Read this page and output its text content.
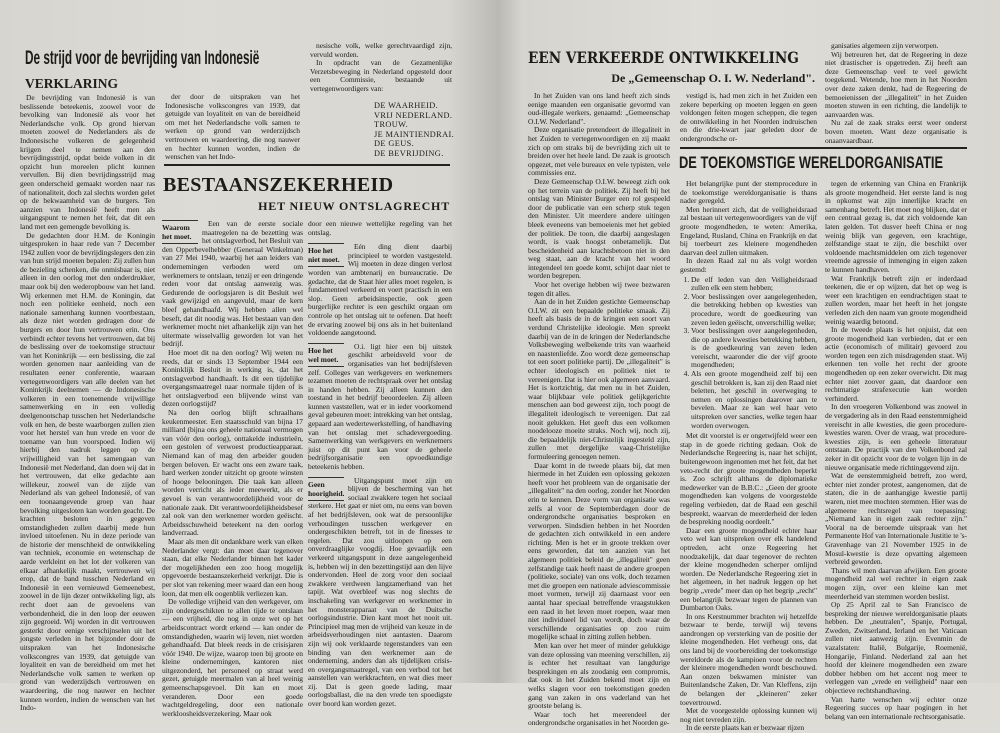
De strijd voor de bevrijding van Indonesië
VERKLARING

De bevrijding van Indonesië is van beslissende beteekenis, zoowel voor de bevolking van Indonesië als voor het Nederlandsche volk. Op grond hiervan moeten zoowel de Nederlanders als de Indonesische volkeren de gelegenheid krijgen deel te nemen aan den bevrijdingsstrijd, opdat beide volken in dit opzicht hun moreelen plicht kunnen vervullen. Bij dien bevrijdingsstrijd mag geen onderscheid gemaakt worden naar ras of nationaliteit, doch zal slechts worden gelet op de bekwaamheid van de burgers. Ten aanzien van Indonesië heeft men als uitgangspunt te nemen het feit, dat dit een land met een gemengde bevolking is.

De gedachten door H.M. de Koningin uitgesproken in haar rede van 7 December 1942 zullen voor de bevrijdingslegers den zin van hun strijd moeten bepalen: Zij zullen hun de bezieling schenken, die onmisbaar is, niet alleen in den oorlog met den onderdrukker, maar ook bij den wederopbouw van het land. Wij erkennen met H.M. de Koningin, dat noch een politieke eenheid, noch een nationale samenhang kunnen voortbestaan, als deze niet worden gedragen door de burgers en door hun vertrouwen erin. Ons verbindt echter tevens het vertrouwen, dat bij de beslissing over de toekomstige structuur van het Koninkrijk — een beslissing, die zal worden genomen naar aanleiding van de resultaten eener conferentie, waaraan vertegenwoordigers van alle deelen van het Koninkrijk deelnemen — de Indonesische volkeren in een toenemende vrijwillige samenwerking en in een volledig deelgenootschap tusschen het Nederlandsche volk en hen, de beste waarborgen zullen zien voor het herstel van hun vrede en voor de toename van hun voorspoed. Indien wij hierbij den nadruk leggen op de vrijwilligheid van het samengaan van Indonesië met Nederland, dan doen wij dat in het vertrouwen, dat elke gedachte aan willekeur, zoowel van de zijde van Nederland als van geheel Indonesië, of van een toonaangevende groep van haar bevolking uitgesloten kan worden geacht. De krachten besloten in gegeven omstandigheden zullen daarbij mede hun invloed uitoefenen. Nu in deze periode van de historie der menschheid de ontwikkeling van techniek, economie en wetenschap de aarde verkleint en het lot der volkeren van elkaar afhankelijk maakt, vertrouwen wij erop, dat de band tusschen Nederland en Indonesië in een vernieuwd Gemeenebest, zoowel in de lijn dezer ontwikkeling ligt, als recht doet aan de gevoelens van verbondenheid, die in den loop der eeuwen zijn gegroeid. Wij worden in dit vertrouwen gesterkt door eenige verschijnselen uit het jongste verleden in het bijzonder door de uitspraken van het Indonesische volkscongres van 1939, dat getuigde van loyaliteit en van de bereidheid om met het Nederlandsche volk samen te werken op grond van wederzijdsch vertrouwen en waardeering, die nog nauwer en hechter kunnen worden, indien de wenschen van het Indo-

der door de uitspraken van het Indonesische volkscongres van 1939, dat getuigde van loyaliteit en van de bereidheid om met het Nederlandsche volk samen te werken op grond van wederzijdsch vertrouwen en waardeering, die nog nauwer en hechter kunnen worden, indien de wenschen van het Indo-

nesische volk, welke gerechtvaardigd zijn, vervuld worden.

In opdracht van de Gezamenlijke Verzetsbeweging in Nederland opgesteld door een Commissie, bestaande uit vertegenwoordigers van:

DE WAARHEID.
VRIJ NEDERLAND.
TROUW.
JE MAINTIENDRAI.
DE GEUS.
DE BEVRIJDING.
BESTAANSZEKERHEID
HET NIEUW ONTSLAGRECHT
Waarom het moet.

Een van de eerste sociale maatregelen na de bezetting was het ontslagverbod, het Besluit van den Opperbevelhebber (Generaal Winkelman) van 27 Mei 1940, waarbij het aan leiders van ondernemingen verboden werd om werknemers te ontslaan, tenzij er een dringende reden voor dat ontslag aanwezig was. Gedurende de oorlogsjaren is dit Besluit wel vaak gewijzigd en aangevuld, maar de kern bleef gehandhaafd. Wij hebben allen wel beseft, dat dit noodig was. Het bestaan van den werknemer mocht niet afhankelijk zijn van het uitermate wisselvallig geworden lot van het bedrijf.

Hoe moet dit na den oorlog? Wij weten nu reeds, dat er sinds 13 September 1944 een Koninklijk Besluit in werking is, dat het ontslagverbod handhaaft. Is dit een tijdelijke overgangsmaatregel naar normale tijden of is het ontslagverbod een blijvende winst van dezen oorlogstijd?

Na den oorlog blijft schraalhans keukenmeester. Een staatsschuld van bijna 17 milliard (bijna ons geheele nationaal vermogen van vóór den oorlog), onttakelde industrieën, een gestolen of verwoest productieapparaat. Niemand kan of mag den arbeider gouden bergen beloven. Er wacht ons een zware taak, hard werken zonder uitzicht op groote winsten of hooge belooningen. Die taak kan alleen worden verricht als ieder meewerkt, als er gevoel is van verantwoordelijkheid voor de nationale zaak. Dit verantwoordelijkheidsbesef zal ook van den werknemer worden geëischt. Arbeidsschuwheid beteekent na den oorlog landverraad.

Maar als men dit ondankbare werk van elken Nederlander vergt: dan moet daar tegenover staan, dat elke Nederlander binnen het kader der mogelijkheden een zoo hoog mogelijk opgevoerde bestaanszekerheid verkrijgt. Die is per slot van rekening meer waard dan een hoog loon, dat men elk oogenblik verliezen kan.

De volledige vrijheid van den werkgever, om zijn ondergeschikten te allen tijde te ontslaan — een vrijheid, die nog in onze wet op het arbeidscontract wordt erkend — kan onder de omstandigheden, waarin wij leven, niet worden gehandhaafd. Dat bleek reeds in de crisisjaren vóór 1940. De wijze, waarop toen bij groote en kleine ondernemingen, kantoren niet uitgezonderd, het personeel op straat werd gezet, getuigde meermalen van al heel weinig gemeenschapsgevoel. Dit kan en moet veranderen. Door een goede wachtgeldregeling, door een nationale werkloosheidsverzekering. Maar ook

door een nieuwe wettelijke regeling van het ontslag.

Hoe het niet moet.

Eén ding dient daarbij principieel te worden vastgesteld. Wij moeten in deze dingen verlost worden van ambtenarij en bureaucratie. De gedachte, dat de Staat hier alles moet regelen, is fundamenteel verkeerd en voert practisch in een slop. Geen arbeidsinspectie, ook geen burgerlijke rechter is een geschikt orgaan om controle op het ontslag uit te oefenen. Dat heeft de ervaring zoowel bij ons als in het buitenland voldoende aangetoond.

Hoe het wel moet.

O.i. ligt hier een bij uitstek geschikt arbeidsveld voor de organisaties van het bedrijfsleven zelf. Colleges van werkgevers en werknemers tezamen moeten de rechtspraak over het ontslag in handen hebben. Zij alleen kunnen den toestand in het bedrijf beoordeelen. Zij alleen kunnen vaststellen, wat er in ieder voorkomend geval gebeuren moet: intrekking van het ontslag, gepaard aan wedertewerkstelling, of handhaving van het ontslag met schadevergoeding. Samenwerking van werkgevers en werknemers juist op dit punt kan voor de geheele bedrijfsorganisatie een opvoedkundige beteekenis hebben.

Geen hoorigheid.

Uitgangspunt moet zijn en blijven de bescherming van het sociaal zwakkere tegen het sociaal sterkere. Het gaat er niet om, nu eens van boven af het bedrijfsleven, ook wat de persoonlijke verhoudingen tusschen werkgever en ondergeschikten betreft, tot in de finesses te regelen. Dat zou uitloopen op een onverdraaglijke voogdij. Hoe gevaarlijk een verkeerd uitgangspunt in deze aangelegenheid is, hebben wij in den bezettingstijd aan den lijve ondervonden. Heel de zorg voor den sociaal zwakkere verdween langzamerhand van het tapijt. Wat overbleef was nog slechts de inschakeling van werkgever en werknemer in het monsterapparaat van de Duitsche oorlogsindustrie. Dien kant moet het nooit uit. Principieel mag men de vrijheid van keuze in de arbeidsverhoudingen niet aantasten. Daarom zijn wij ook verklaarde tegenstanders van een binding van den werknemer aan de onderneming, anders dan als tijdelijken crisis- en overgangsmaatregel, van een verbod tot het aanstellen van werkkrachten, en wat dies meer zij. Dat is geen goede lading, maar oorlogsballast, die na den vrede ten spoedigste over boord kan worden gezet.

EEN VERKEERDE ONTWIKKELING
De „Gemeenschap O. I. W. Nederland".

In het Zuiden van ons land heeft zich sinds eenige maanden een organisatie gevormd van oud-illegale werkers, genaamd: „Gemeenschap O.I.W. Nederland".

Deze organisatie pretendeert de illegaliteit in het Zuiden te vertegenwoordigen en zij maakt zich op om straks bij de bevrijding zich uit te breiden over het heele land. De zaak is grootsch opgezet, met vele bureaux en vele typisten, vele commissies enz.

Deze Gemeenschap O.I.W. beweegt zich ook op het terrein van de politiek. Zij heeft bij het ontslag van Minister Burger een rol gespeeld door de publicatie van een scherp stuk tegen den Minister. Uit meerdere andere uitingen bleek eveneens van bemoeienis met het gebied der politiek. De toon, die daarbij aangeslagen wordt, is vaak hoogst onbetamelijk. Dat bescheidenheid aan krachtsbetoon niet in den weg staat, aan de kracht van het woord integendeel ten goede komt, schijnt daar niet te worden begrepen.

Voor het overige hebben wij twee bezwaren tegen dit alles.

Aan de in het Zuiden gestichte Gemeenschap O.I.W. zit een bepaalde politieke smaak. Zij heeft als basis de in de kringen een soort van verdund Christelijke ideologie. Men spreekt daarbij van de in de kringen der Nederlandsche Volksbeweging welbekende trits van waarheid en naastenliefde. Zoo wordt deze gemeenschap tot een soort politieke partij. De „illegaliteit" is echter ideologisch en politiek niet te vereenigen. Dat is hier ook algemeen aanvaard. Het is kortzichtig, dat men nu in het Zuiden, waar blijkbaar vele politiek gelijkgerichte menschen aan bod geweest zijn, toch poogt de illegaliteit ideologisch te vereenigen. Dat zal nooit gelukken. Het geeft dus een volkomen noodelooze moeite straks. Noch wij, noch zij, die bepaaldelijk niet-Christelijk ingesteld zijn, zullen met dergelijke vaag-Christelijke formuleering genoegen nemen.

Daar komt in de tweede plaats bij, dat men hiermede in het Zuiden een oplossing gekozen heeft voor het probleem van de organisatie der „illegaliteit" na den oorlog, zonder het Noorden erin te kennen. Deze vorm van organisatie was zelfs al voor de Septemberdagen door de ondergrondsche organisaties besproken en verworpen. Sindsdien hebben in het Noorden de gedachten zich ontwikkeld in een andere richting. Men is het er in groote trekken over eens geworden, dat ten aanzien van het algemeen politiek beleid de „illegaliteit" geen zelfstandige taak heeft naast de andere groepen (politieke, sociale) van ons volk, doch tezamen met die groepen een nationale adviescommissie moet vormen, terwijl zij daarnaast voor een aantal haar speciaal betreffende vraagstukken een raad in het leven moet roepen, waar men niet individueel lid van wordt, doch waar de verschillende organisaties op zoo ruim mogelijke schaal in zitting zullen hebben.

Men kan over het meer of minder gelukkige van deze oplossing van meening verschillen, zij is echter het resultaat van langdurige besprekingen en als zoodanig een compromis, dat ook in het Zuiden bekend moet zijn en welks slagen voor een toekomstigen goeden gang van zaken in ons vaderland van het grootste belang is.

Waar toch het meerendeel der ondergrondsche organisaties in het Noorden ge-

vestigd is, had men zich in het Zuiden een zekere beperking op moeten leggen en geen voldongen feiten mogen scheppen, die tegen de ontwikkeling in het Noorden indruischen en die drie-kwart jaar geleden door de ondergrondsche or-

ganisaties algemeen zijn verworpen.

Wij betreuren het, dat de Regeering in deze niet drastischer is opgetreden. Zij heeft aan deze Gemeenschap veel te veel gewicht toegekend. Wetende, hoe men in het Noorden over deze zaken denkt, had de Regeering de bemoeienissen der „illegaliteit" in het Zuiden moeten stuwen in een richting, die landelijk te aanvaarden was.

Nu zal de zaak straks eerst weer onderst boven moeten. Want deze organisatie is onaanvaardbaar.

DE TOEKOMSTIGE WERELDORGANISATIE

Het belangrijke punt der stemprocedure in de toekomstige wereldorganisatie is thans nader geregeld.

Men herinnert zich, dat de veiligheidsraad zal bestaan uit vertegenwoordigers van de vijf groote mogendheden, te weten: Amerika, Engeland, Rusland, China en Frankrijk en dat bij toerbeurt zes kleinere mogendheden daarvan deel zullen uitmaken.

In dezen Raad zal nu als volgt worden gestemd:

1. De elf leden van den Veiligheidsraad zullen elk een stem hebben;
2. Voor beslissingen over aangelegenheden, die betrekking hebben op kwesties van procedure, wordt de goedkeuring van zeven leden geëischt, onverschillig welke;
3. Voor beslissingen over aangelegenheden, die op andere kwesties betrekking hebben, is de goedkeuring van zeven leden vereischt, waaronder die der vijf groote mogendheden;
4. Als een groote mogendheid zelf bij een geschil betrokken is, kan zij den Raad niet beletten, het geschil in overweging te nemen en oplossingen daarover aan te bevelen. Maar ze kan wel haar veto uitspreken over sancties, welke tegen haar worden overwogen.

Met dit voorstel is er ongetwijfeld weer een stap in de goede richting gedaan. Ook de Nederlandsche Regeering is, naar het schijnt, buitengewoon ingenomen met het feit, dat het veto-recht der groote mogendheden beperkt is. Zoo schrijft althans de diplomatieke medewerker van de B.B.C.: „Geen der groote mogendheden kan volgens de voorgestelde regeling verbieden, dat de Raad een geschil bespreekt, waarvan de meerderheid der leden de bespreking noodig oordeelt."

Daar een groote mogendheid echter haar veto wel kan uitspreken over elk handelend optreden, acht onze Regeering het noodzakelijk, dat daar tegenover de rechten der kleine mogendheden scherper omlijnd worden. De Nederlandsche Regeering ziet in het algemeen, in het nadruk leggen op het begrip „vrede" meer dan op het begrip „recht" een belangrijk bezwaar tegen de plannen van Dumbarton Oaks.

In ons Kerstnummer brachten wij hetzelfde bezwaar te berde, terwijl wij tevens aandrongen op versterking van de positie der kleine mogendheden. Het verheugt ons, dat ons land bij de voorbereiding der toekomstige wereldorde als de kampioen voor de rechten der kleinere mogendheden wordt beschouwd. Aan onzen bekwamen minister van Buitenlandsche Zaken, Dr. Van Kleffens, zijn de belangen der „kleineren" zeker toevertrouwd.

Met de voorgestelde oplossing kunnen wij nog niet tevreden zijn.

In de eerste plaats kan er bezwaar rijzen

tegen de erkenning van China en Frankrijk als groote mogendheid. Het eerste land is nog in opkomst wat zijn innerlijke kracht en samenhang betreft. Het moet nog blijken, dat er een centraal gezag is, dat zich voldoende kan laten gelden. Tot dusver heeft China er nog weinig blijk van gegeven, een krachtige, zelfstandige staat te zijn, die beschikt over voldoende machtsmiddelen om zich tegenover vreemde agressie of inmenging in eigen zaken te kunnen handhaven.

Wat Frankrijk betreft zijn er inderdaad teekenen, die er op wijzen, dat het op weg is weer een krachtigen en eendrachtigen staat te zullen worden, maar het heeft in het jongste verleden zich den naam van groote mogendheid weinig waardig betoond.

In de tweede plaats is het onjuist, dat een groote mogendheid kan verbieden, dat er een actie (economisch of militair) gevoerd zou worden tegen een zich misdragenden staat. Wij erkennen ten volle het recht der groote mogendheden op een zeker overwicht. Dit mag echter niet zoover gaan, dat daardoor een rechtmatige strafexecutie kan worden verhinderd.

In den vroegeren Volkenbond was zoowel in de vergadering als in den Raad eenstemmigheid vereischt in alle kwesties, die geen procedure-kwesties waren. Over de vraag, wat procedure-kwesties zijn, is een geheele litteratuur ontstaan. De practijk van den Volkenbond zal zeker in dit opzicht voor de te volgen lijn in de nieuwe organisatie mede richtinggevend zijn.

Wat de eenstemmigheid betreft, zoo werd, echter niet zonder protest, aangenomen, dat de staten, die in de aanhangige kwestie partij waren, niet mee mochten stemmen. Hier was de algemeene rechtsregel van toepassing: „Niemand kan in eigen zaak rechter zijn." Vooral na de beroemde uitspraak van het Permanente Hof van Internationale Justitie te 's-Gravenhage van 21 November 1925 in de Mosul-kwestie is deze opvatting algemeen verbreid geworden.

Thans wil men daarvan afwijken. Een groote mogendheid zal wel rechter in eigen zaak mogen zijn, over een kleine kan met meerderheid van stemmen worden beslist.

Op 25 April zal te San Francisco de bespreking der nieuwe wereldorganisatie plaats hebben. De „neutralen", Spanje, Portugal, Zweden, Zwitserland, Ierland en het Vaticaan zullen niet aanwezig zijn. Evenmin de vazalstaten: Italië, Bulgarije, Roemenië, Hongarije, Finland. Nederland zal aan het hoofd der kleinere mogendheden een zware dobber hebben om het accent nog meer te verleggen van „vrede en veiligheid" naar een objectieve rechtshandhaving.

Van harte wenschen wij echter onze Regeering succes op haar pogingen in het belang van een internationale rechtsorganisatie.
